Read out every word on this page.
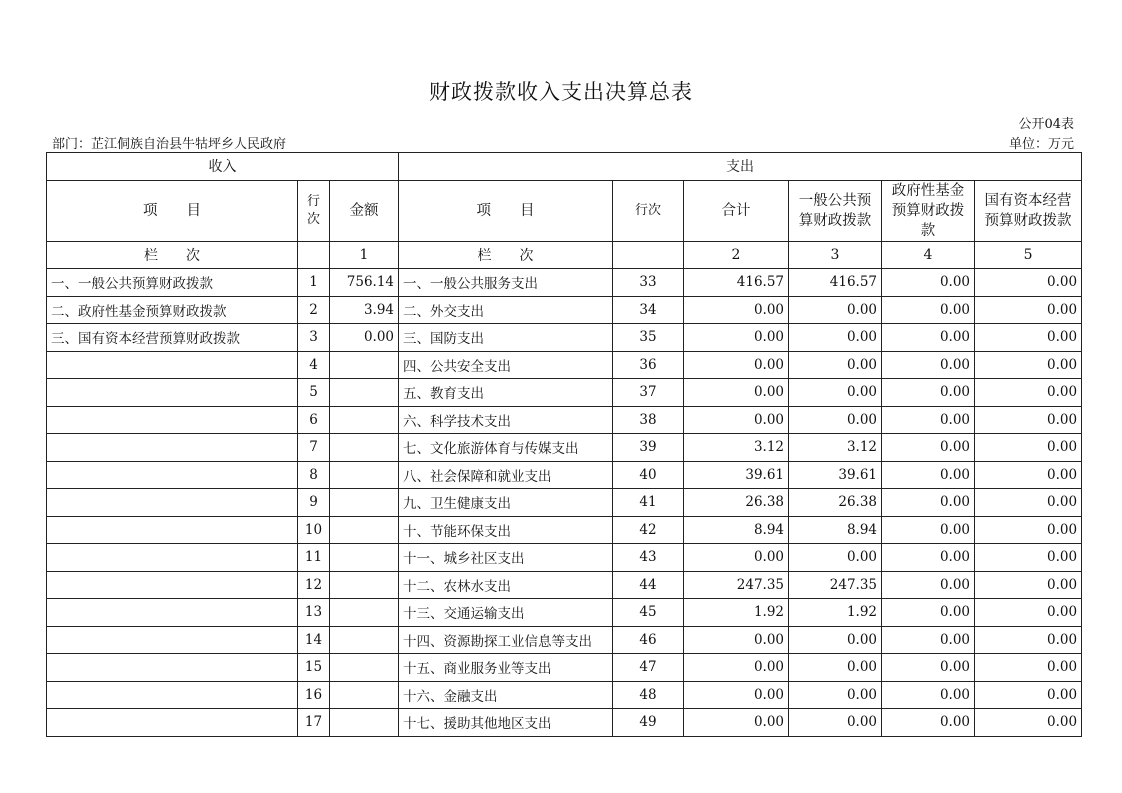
财政拨款收入支出决算总表
公开04表
部门：芷江侗族自治县牛牯坪乡人民政府	单位：万元
收入			支出					
项　　目	行次	金额	项　　目	行次	合计	一般公共预算财政拨款	政府性基金预算财政拨款	国有资本经营预算财政拨款
栏　　次		1	栏　　次		2	3	4	5
一、一般公共预算财政拨款	1	756.14	一、一般公共服务支出	33	416.57	416.57	0.00	0.00
二、政府性基金预算财政拨款	2	3.94	二、外交支出	34	0.00	0.00	0.00	0.00
三、国有资本经营预算财政拨款	3	0.00	三、国防支出	35	0.00	0.00	0.00	0.00
	4		四、公共安全支出	36	0.00	0.00	0.00	0.00
	5		五、教育支出	37	0.00	0.00	0.00	0.00
	6		六、科学技术支出	38	0.00	0.00	0.00	0.00
	7		七、文化旅游体育与传媒支出	39	3.12	3.12	0.00	0.00
	8		八、社会保障和就业支出	40	39.61	39.61	0.00	0.00
	9		九、卫生健康支出	41	26.38	26.38	0.00	0.00
	10		十、节能环保支出	42	8.94	8.94	0.00	0.00
	11		十一、城乡社区支出	43	0.00	0.00	0.00	0.00
	12		十二、农林水支出	44	247.35	247.35	0.00	0.00
	13		十三、交通运输支出	45	1.92	1.92	0.00	0.00
	14		十四、资源勘探工业信息等支出	46	0.00	0.00	0.00	0.00
	15		十五、商业服务业等支出	47	0.00	0.00	0.00	0.00
	16		十六、金融支出	48	0.00	0.00	0.00	0.00
	17		十七、援助其他地区支出	49	0.00	0.00	0.00	0.00
